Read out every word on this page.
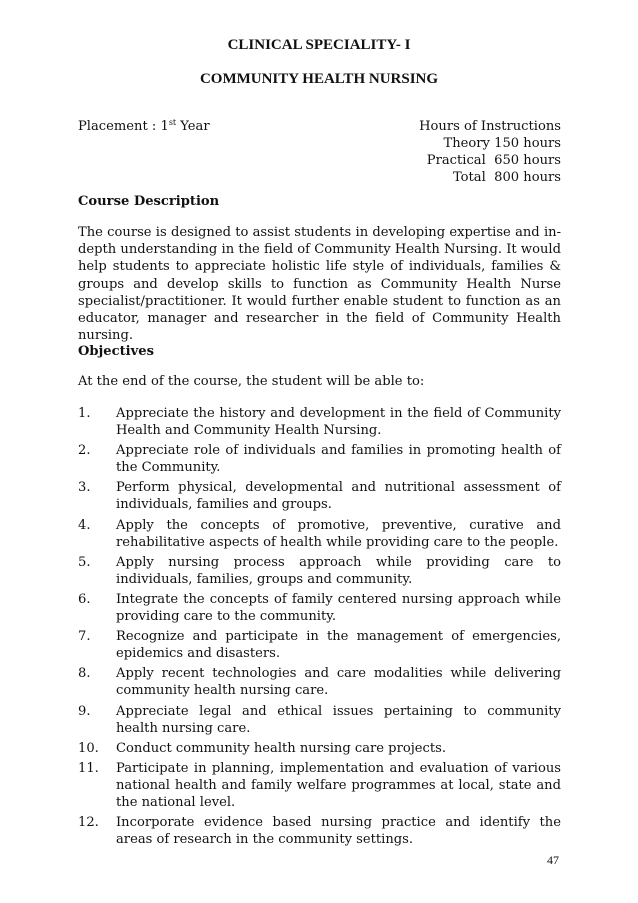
CLINICAL SPECIALITY- I
COMMUNITY HEALTH NURSING
Placement : 1st Year	Hours of Instructions
Theory 150 hours
Practical  650 hours
Total  800 hours
Course Description
The course is designed to assist students in developing expertise and in-depth understanding in the field of Community Health Nursing. It would help students to appreciate holistic life style of individuals, families & groups and develop skills to function as Community Health Nurse specialist/practitioner. It would further enable student to function as an educator, manager and researcher in the field of Community Health nursing.
Objectives
At the end of the course, the student will be able to:
1. Appreciate the history and development in the field of Community Health and Community Health Nursing.
2. Appreciate role of individuals and families in promoting health of the Community.
3. Perform physical, developmental and nutritional assessment of individuals, families and groups.
4. Apply the concepts of promotive, preventive, curative and rehabilitative aspects of health while providing care to the people.
5. Apply nursing process approach while providing care to individuals, families, groups and community.
6. Integrate the concepts of family centered nursing approach while providing care to the community.
7. Recognize and participate in the management of emergencies, epidemics and disasters.
8. Apply recent technologies and care modalities while delivering community health nursing care.
9. Appreciate legal and ethical issues pertaining to community health nursing care.
10. Conduct community health nursing care projects.
11. Participate in planning, implementation and evaluation of various national health and family welfare programmes at local, state and the national level.
12. Incorporate evidence based nursing practice and identify the areas of research in the community settings.
47
